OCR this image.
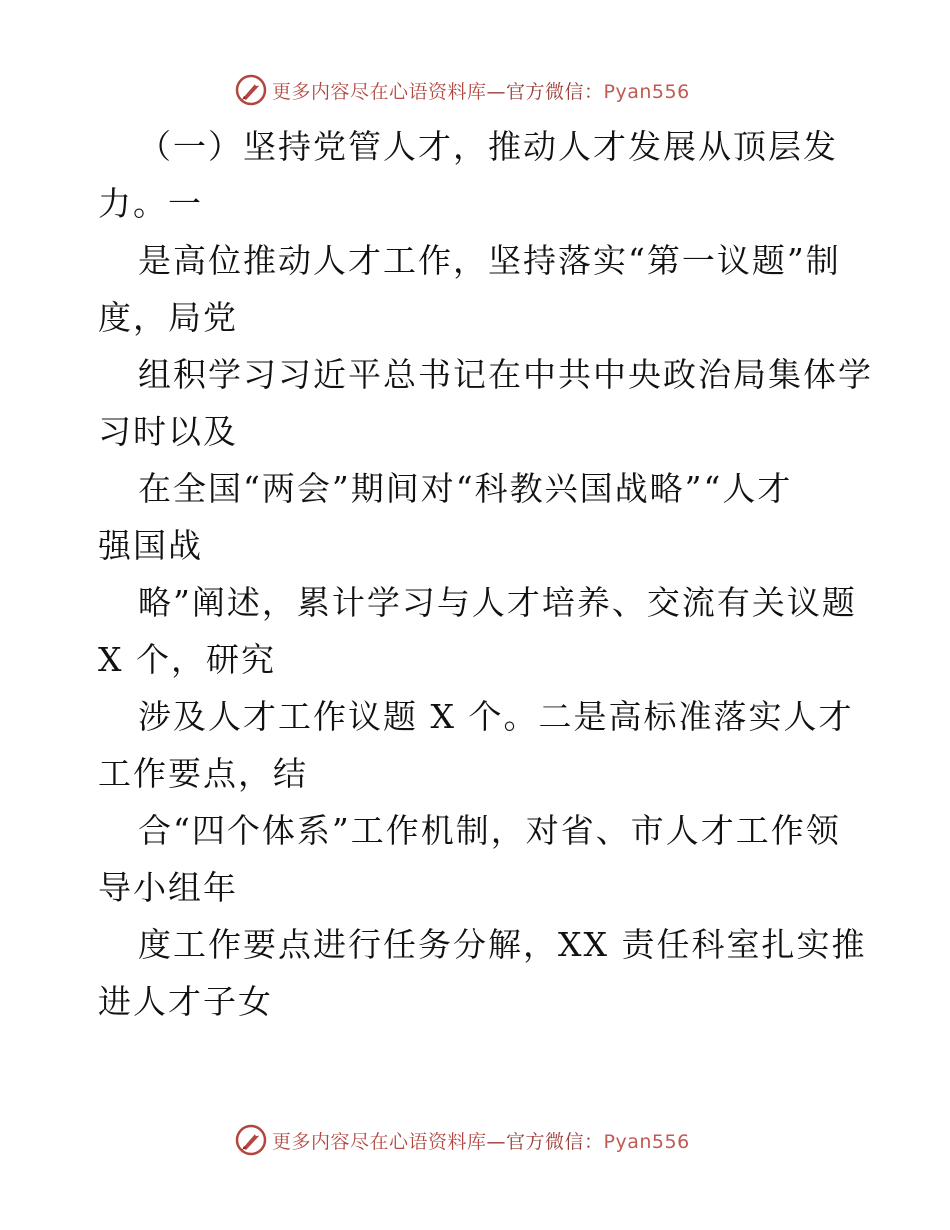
更多内容尽在心语资料库—官方微信：Pyan556
（一）坚持党管人才，推动人才发展从顶层发
力。一
是高位推动人才工作，坚持落实“第一议题”制
度，局党
组积学习习近平总书记在中共中央政治局集体学
习时以及
在全国“两会”期间对“科教兴国战略”“人才
强国战
略”阐述，累计学习与人才培养、交流有关议题
X 个，研究
涉及人才工作议题 X 个。二是高标准落实人才
工作要点，结
合“四个体系”工作机制，对省、市人才工作领
导小组年
度工作要点进行任务分解，XX 责任科室扎实推
进人才子女
更多内容尽在心语资料库—官方微信：Pyan556
